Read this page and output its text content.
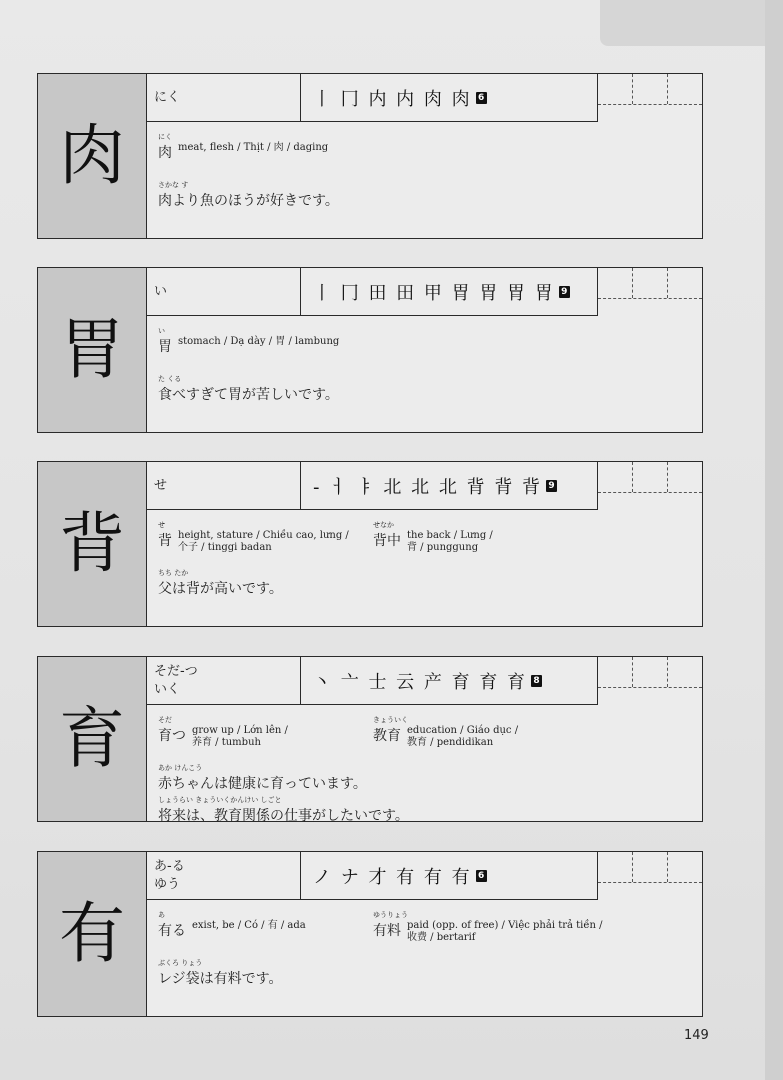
肉
にく	丨 冂 内 内 肉 肉 6
にく
肉 meat, flesh / Thịt / 肉 / daging
さかな す
肉より魚のほうが好きです。
胃
い	丨 冂 田 田 甲 胃 胃 胃 胃 9
い
胃 stomach / Dạ dày / 胃 / lambung
た くる
食べすぎて胃が苦しいです。
背
せ	- ㅓ ㅑ 北 北 北 背 背 背 9
せ
背 height, stature / Chiều cao, lưng /
个子 / tinggi badan
せなか
背中 the back / Lưng /
背 / punggung
ちち たか
父は背が高いです。
育
そだ-つ
いく	丶 亠 士 云 产 育 育 育 8
そだ
育つ grow up / Lớn lên /
养育 / tumbuh
きょういく
教育 education / Giáo dục /
教育 / pendidikan
あか けんこう
赤ちゃんは健康に育っています。
しょうらい きょういくかんけい しごと
将来は、教育関係の仕事がしたいです。
有
あ-る
ゆう	ノ ナ 才 有 有 有 6
あ
有る exist, be / Có / 有 / ada
ゆうりょう
有料 paid (opp. of free) / Việc phải trả tiền /
收费 / bertarif
ぶくろ りょう
レジ袋は有料です。
149
